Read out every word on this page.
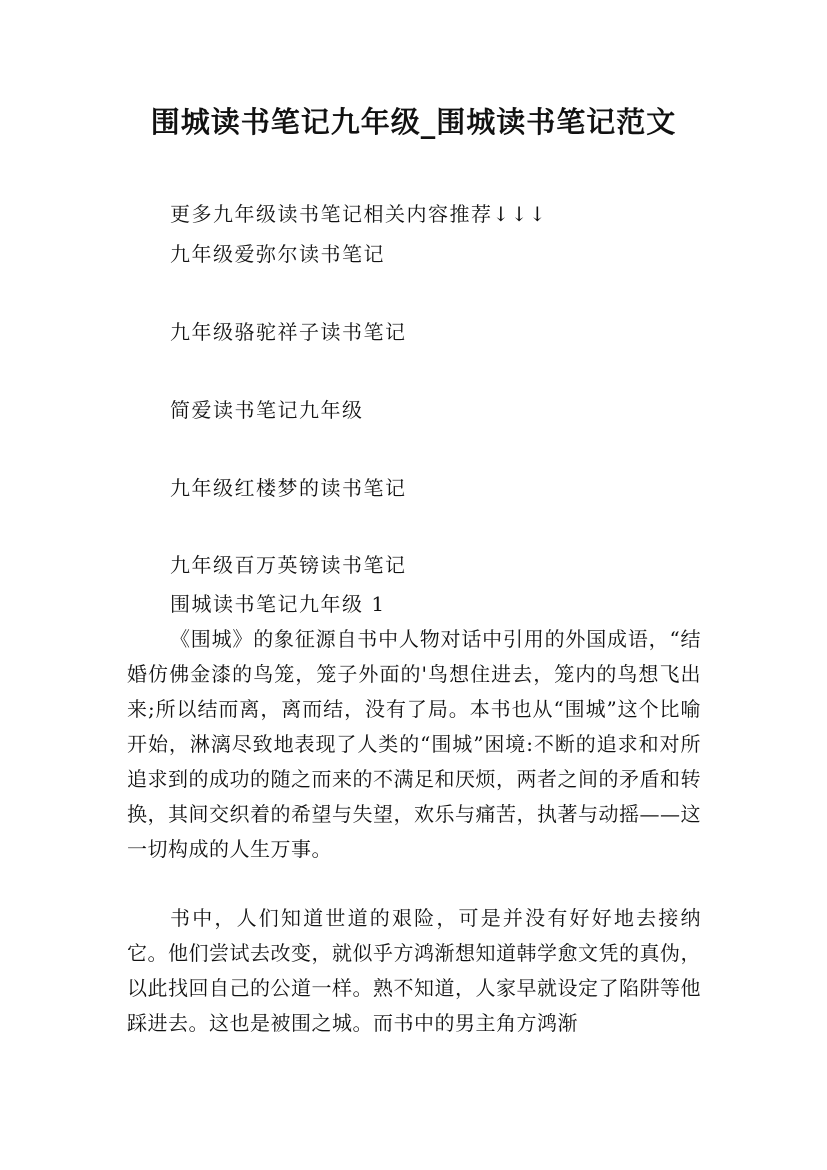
围城读书笔记九年级_围城读书笔记范文
更多九年级读书笔记相关内容推荐↓↓↓
九年级爱弥尔读书笔记
九年级骆驼祥子读书笔记
简爱读书笔记九年级
九年级红楼梦的读书笔记
九年级百万英镑读书笔记
围城读书笔记九年级 1

《围城》的象征源自书中人物对话中引用的外国成语，“结婚仿佛金漆的鸟笼，笼子外面的'鸟想住进去，笼内的鸟想飞出来;所以结而离，离而结，没有了局。本书也从“围城”这个比喻开始，淋漓尽致地表现了人类的“围城”困境:不断的追求和对所追求到的成功的随之而来的不满足和厌烦，两者之间的矛盾和转换，其间交织着的希望与失望，欢乐与痛苦，执著与动摇——这一切构成的人生万事。

书中，人们知道世道的艰险，可是并没有好好地去接纳它。他们尝试去改变，就似乎方鸿渐想知道韩学愈文凭的真伪，以此找回自己的公道一样。熟不知道，人家早就设定了陷阱等他踩进去。这也是被围之城。而书中的男主角方鸿渐
